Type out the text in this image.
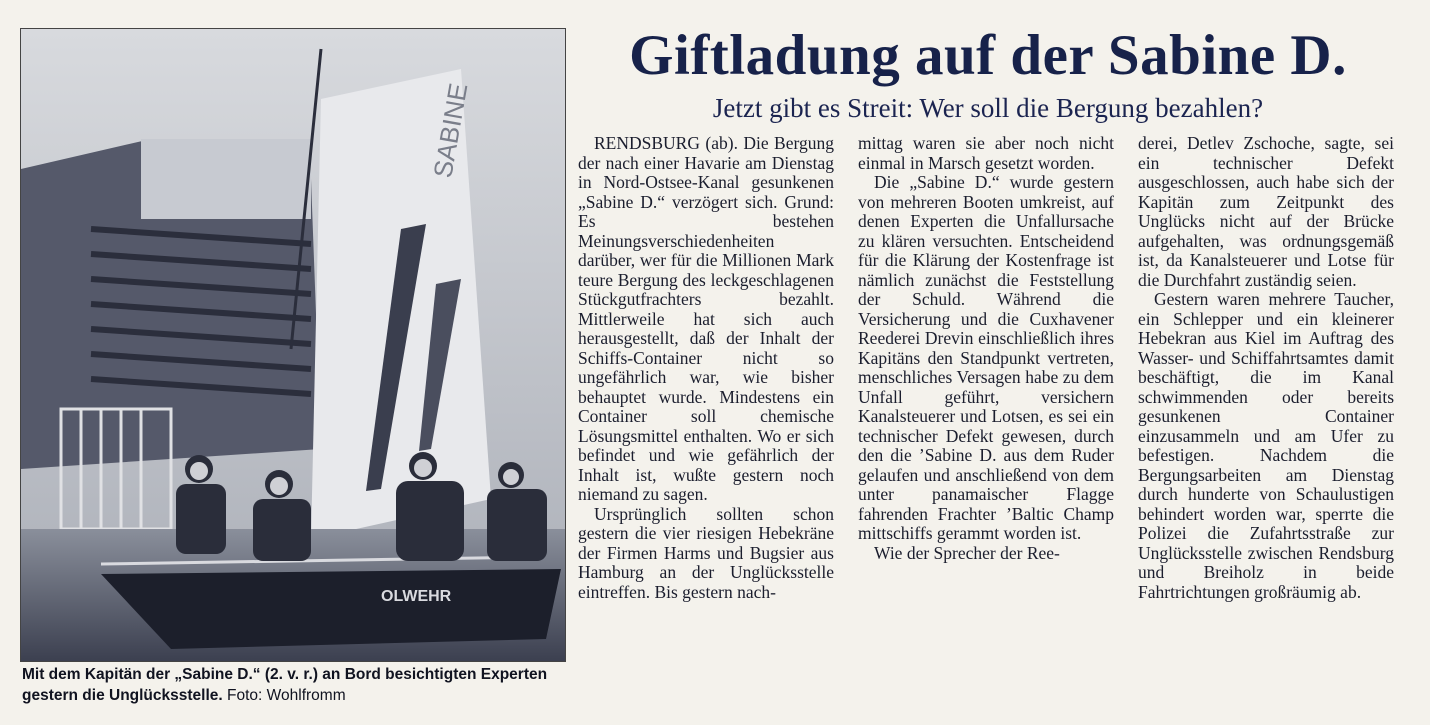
SABINE
OLWEHR
Mit dem Kapitän der „Sabine D.“ (2. v. r.) an Bord besichtigten Experten gestern die Unglücksstelle. Foto: Wohlfromm
Giftladung auf der Sabine D.
Jetzt gibt es Streit: Wer soll die Bergung bezahlen?

RENDSBURG (ab). Die Bergung der nach einer Havarie am Dienstag in Nord-Ostsee-Kanal gesunkenen „Sabine D.“ verzögert sich. Grund: Es bestehen Meinungsverschiedenheiten darüber, wer für die Millionen Mark teure Bergung des leckgeschlagenen Stückgutfrachters bezahlt. Mittlerweile hat sich auch herausgestellt, daß der Inhalt der Schiffs-Container nicht so ungefährlich war, wie bisher behauptet wurde. Mindestens ein Container soll chemische Lösungsmittel enthalten. Wo er sich befindet und wie gefährlich der Inhalt ist, wußte gestern noch niemand zu sagen.

Ursprünglich sollten schon gestern die vier riesigen Hebekräne der Firmen Harms und Bugsier aus Hamburg an der Unglücksstelle eintreffen. Bis gestern nach-

mittag waren sie aber noch nicht einmal in Marsch gesetzt worden.

Die „Sabine D.“ wurde gestern von mehreren Booten umkreist, auf denen Experten die Unfallursache zu klären versuchten. Entscheidend für die Klärung der Kostenfrage ist nämlich zunächst die Feststellung der Schuld. Während die Versicherung und die Cuxhavener Reederei Drevin einschließlich ihres Kapitäns den Standpunkt vertreten, menschliches Versagen habe zu dem Unfall geführt, versichern Kanalsteuerer und Lotsen, es sei ein technischer Defekt gewesen, durch den die ’Sabine D. aus dem Ruder gelaufen und anschließend von dem unter panamaischer Flagge fahrenden Frachter ’Baltic Champ mittschiffs gerammt worden ist.

Wie der Sprecher der Ree-

derei, Detlev Zschoche, sagte, sei ein technischer Defekt ausgeschlossen, auch habe sich der Kapitän zum Zeitpunkt des Unglücks nicht auf der Brücke aufgehalten, was ordnungsgemäß ist, da Kanalsteuerer und Lotse für die Durchfahrt zuständig seien.

Gestern waren mehrere Taucher, ein Schlepper und ein kleinerer Hebekran aus Kiel im Auftrag des Wasser- und Schiffahrtsamtes damit beschäftigt, die im Kanal schwimmenden oder bereits gesunkenen Container einzusammeln und am Ufer zu befestigen. Nachdem die Bergungsarbeiten am Dienstag durch hunderte von Schaulustigen behindert worden war, sperrte die Polizei die Zufahrtsstraße zur Unglücksstelle zwischen Rendsburg und Breiholz in beide Fahrtrichtungen großräumig ab.
